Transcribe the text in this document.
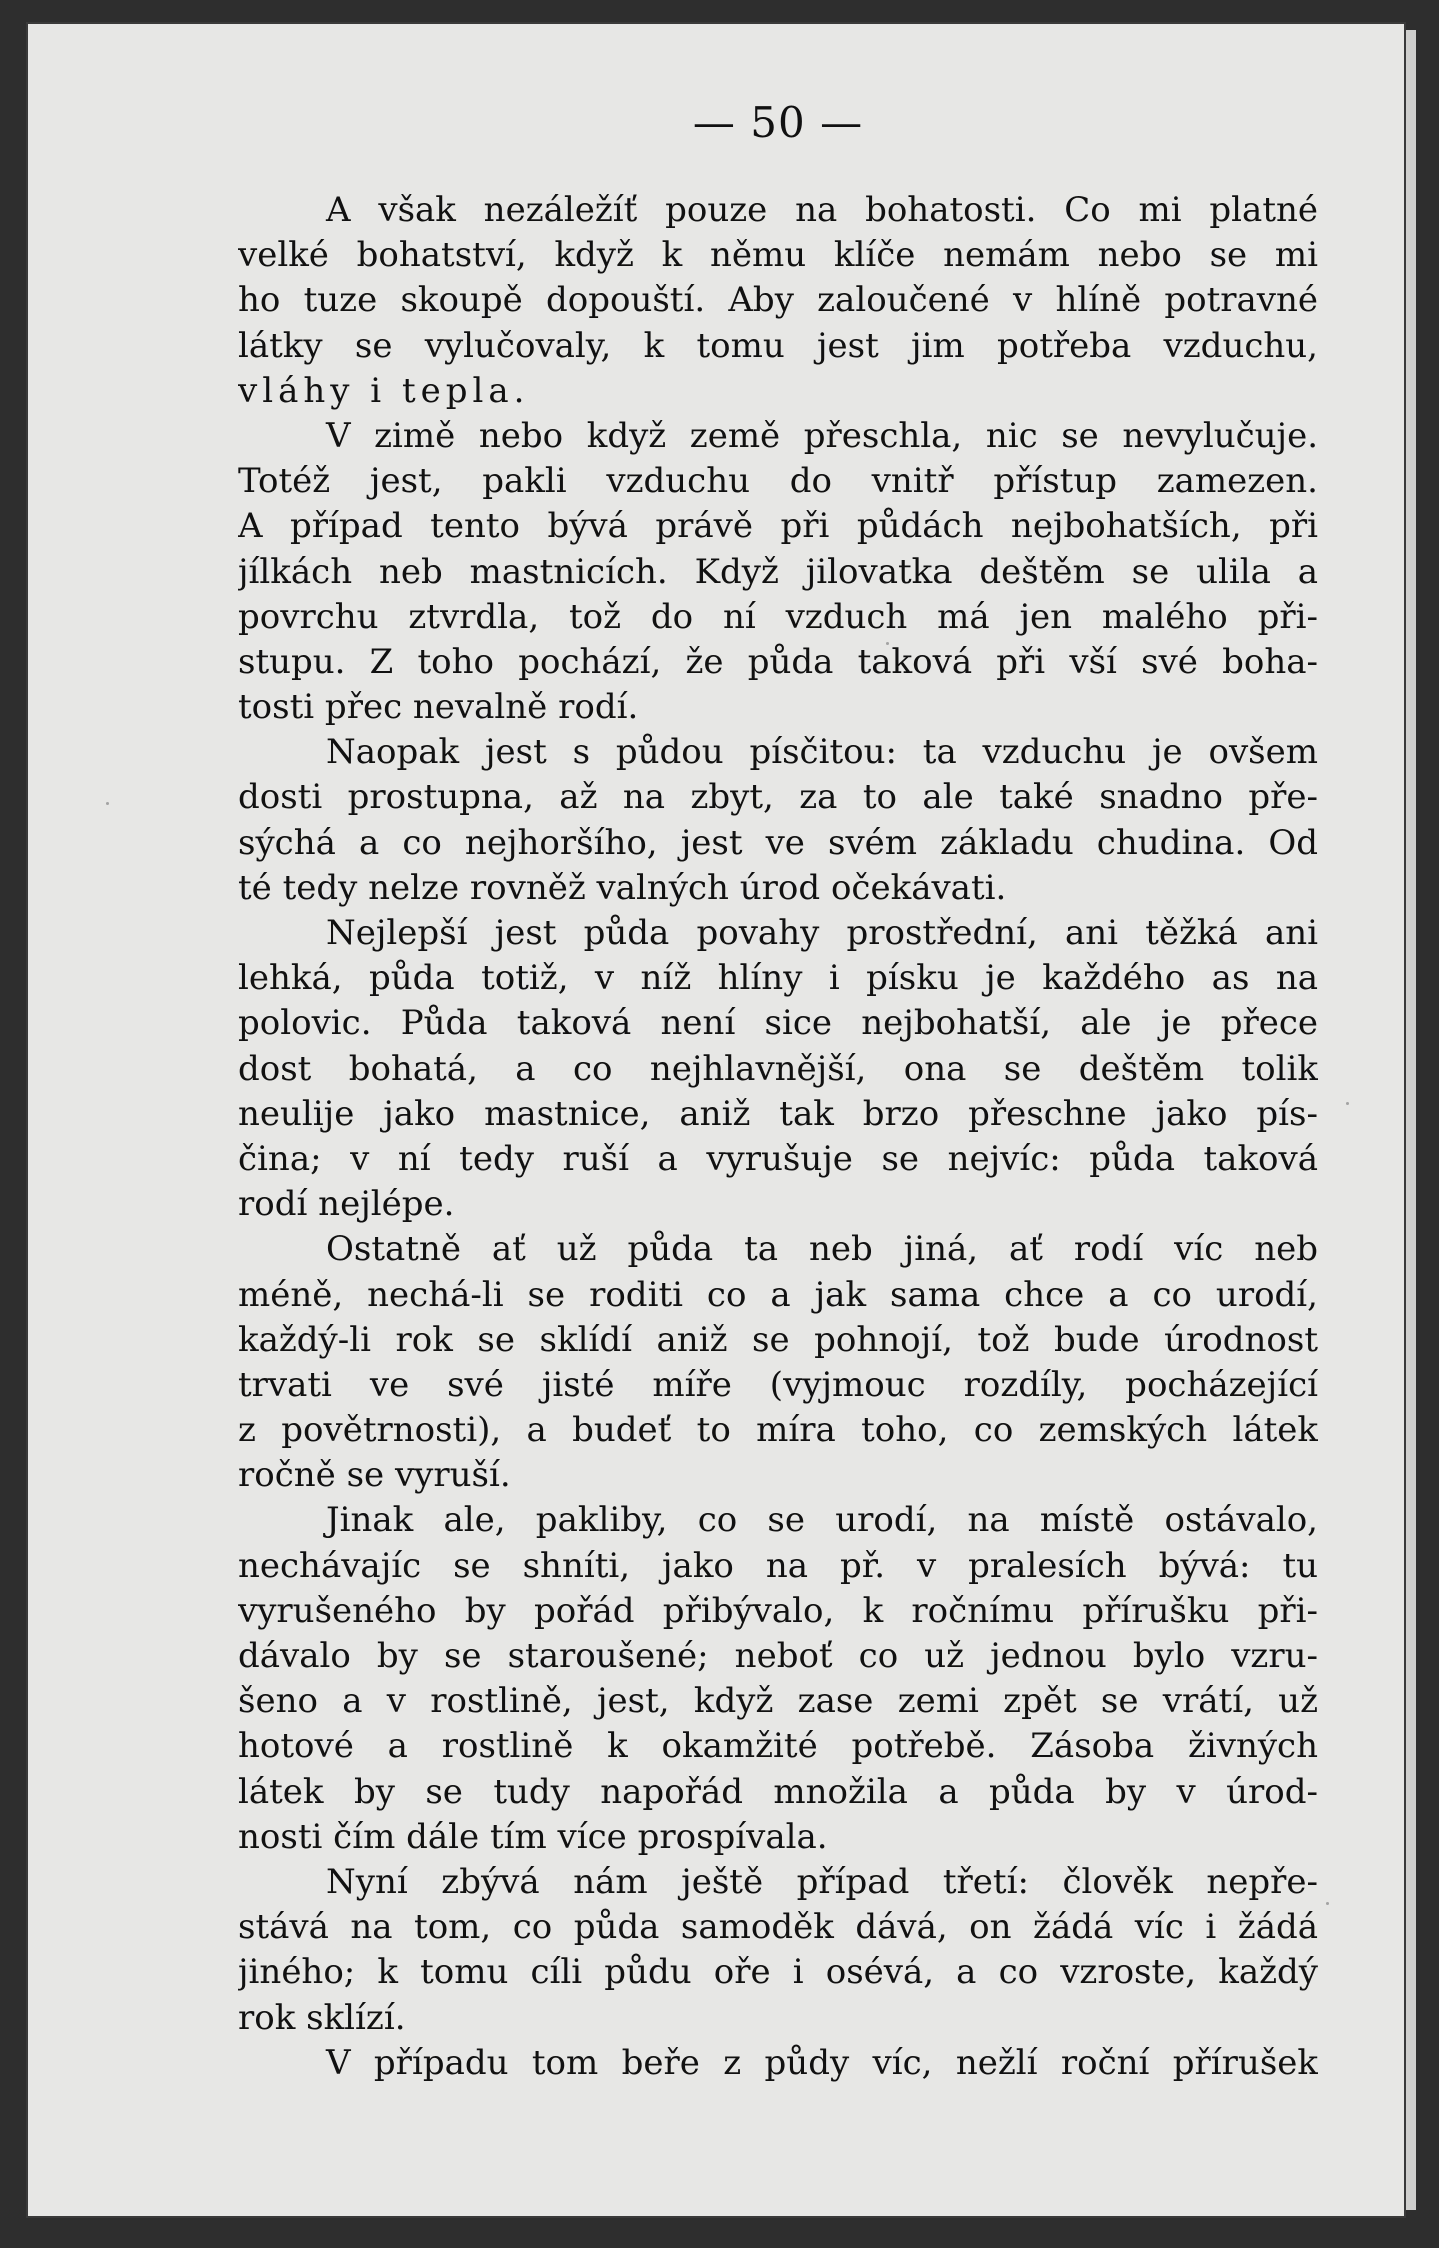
— 50 —
A však nezáležíť pouze na bohatosti. Co mi platné
velké bohatství, když k němu klíče nemám nebo se mi
ho tuze skoupě dopouští. Aby zaloučené v hlíně potravné
látky se vylučovaly, k tomu jest jim potřeba vzduchu,
vláhy i tepla.
V zimě nebo když země přeschla, nic se nevylučuje.
Totéž jest, pakli vzduchu do vnitř přístup zamezen.
A případ tento bývá právě při půdách nejbohatších, při
jílkách neb mastnicích. Když jilovatka deštěm se ulila a
povrchu ztvrdla, tož do ní vzduch má jen malého při-
stupu. Z toho pochází, že půda taková při vší své boha-
tosti přec nevalně rodí.
Naopak jest s půdou písčitou: ta vzduchu je ovšem
dosti prostupna, až na zbyt, za to ale také snadno pře-
sýchá a co nejhoršího, jest ve svém základu chudina. Od
té tedy nelze rovněž valných úrod očekávati.
Nejlepší jest půda povahy prostřední, ani těžká ani
lehká, půda totiž, v níž hlíny i písku je každého as na
polovic. Půda taková není sice nejbohatší, ale je přece
dost bohatá, a co nejhlavnější, ona se deštěm tolik
neulije jako mastnice, aniž tak brzo přeschne jako pís-
čina; v ní tedy ruší a vyrušuje se nejvíc: půda taková
rodí nejlépe.
Ostatně ať už půda ta neb jiná, ať rodí víc neb
méně, nechá-li se roditi co a jak sama chce a co urodí,
každý-li rok se sklídí aniž se pohnojí, tož bude úrodnost
trvati ve své jisté míře (vyjmouc rozdíly, pocházející
z povětrnosti), a budeť to míra toho, co zemských látek
ročně se vyruší.
Jinak ale, pakliby, co se urodí, na místě ostávalo,
nechávajíc se shníti, jako na př. v pralesích bývá: tu
vyrušeného by pořád přibývalo, k ročnímu přírušku při-
dávalo by se staroušené; neboť co už jednou bylo vzru-
šeno a v rostlině, jest, když zase zemi zpět se vrátí, už
hotové a rostlině k okamžité potřebě. Zásoba živných
látek by se tudy napořád množila a půda by v úrod-
nosti čím dále tím více prospívala.
Nyní zbývá nám ještě případ třetí: člověk nepře-
stává na tom, co půda samoděk dává, on žádá víc i žádá
jiného; k tomu cíli půdu oře i osévá, a co vzroste, každý
rok sklízí.
V případu tom beře z půdy víc, nežlí roční přírušek
